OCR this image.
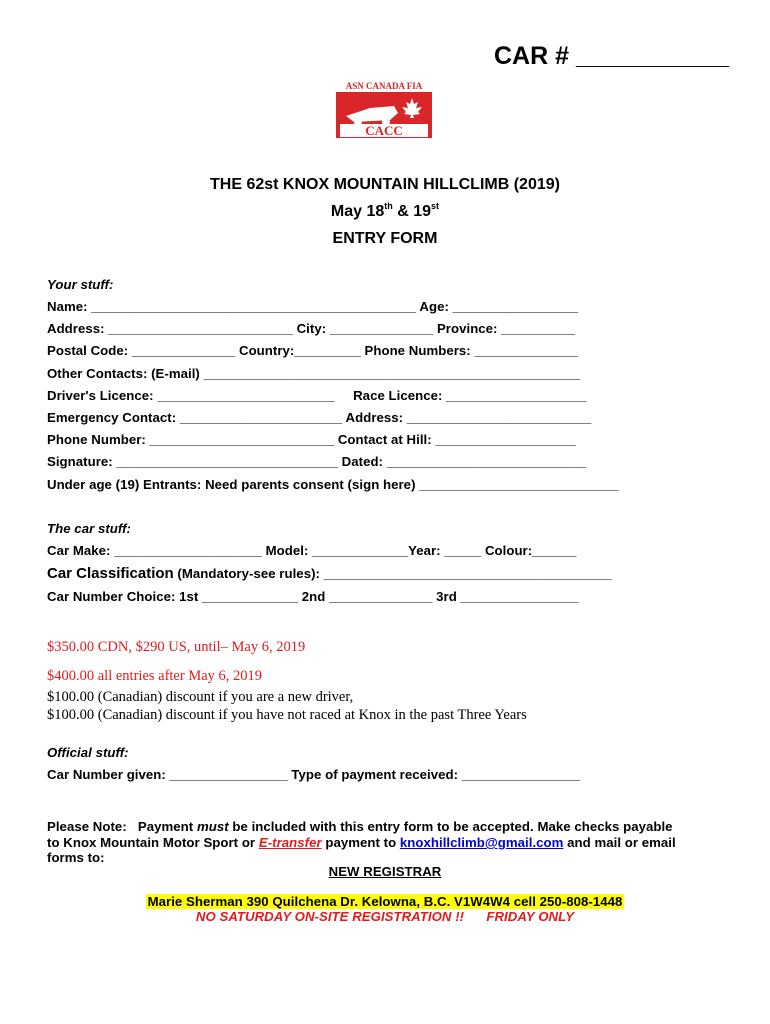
CAR # ___________
ASN CANADA FIA
CACC
THE 62st KNOX MOUNTAIN HILLCLIMB (2019)
May 18th & 19st
ENTRY FORM
Your stuff:
Name: ____________________________________________ Age: _________________
Address: _________________________ City: ______________ Province: __________
Postal Code: ______________ Country:_________ Phone Numbers: ______________
Other Contacts: (E-mail) ___________________________________________________
Driver's Licence: ________________________     Race Licence: ___________________
Emergency Contact: ______________________ Address: _________________________
Phone Number: _________________________ Contact at Hill: ___________________
Signature: ______________________________ Dated: ___________________________
Under age (19) Entrants: Need parents consent (sign here) ___________________________
The car stuff:
Car Make: ____________________ Model: _____________Year: _____ Colour:______
Car Classification (Mandatory-see rules): _______________________________________
Car Number Choice: 1st _____________ 2nd ______________ 3rd ________________
$350.00 CDN, $290 US, until– May 6, 2019
$400.00 all entries after May 6, 2019
$100.00 (Canadian) discount if you are a new driver,
$100.00 (Canadian) discount if you have not raced at Knox in the past Three Years
Official stuff:
Car Number given: ________________ Type of payment received: ________________
Please Note:   Payment must be included with this entry form to be accepted. Make checks payable
to Knox Mountain Motor Sport or E-transfer payment to knoxhillclimb@gmail.com and mail or email
forms to:
NEW REGISTRAR
Marie Sherman 390 Quilchena Dr. Kelowna, B.C. V1W4W4 cell 250-808-1448
NO SATURDAY ON-SITE REGISTRATION !!      FRIDAY ONLY
